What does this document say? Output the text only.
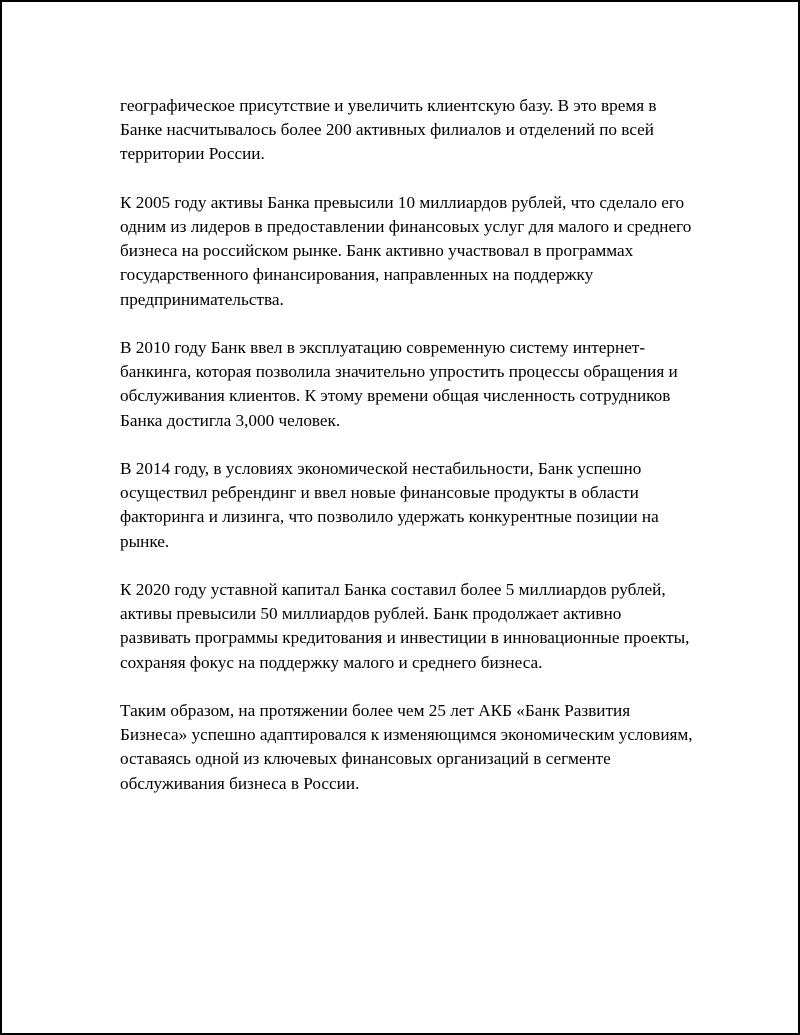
географическое присутствие и увеличить клиентскую базу. В это время в Банке насчитывалось более 200 активных филиалов и отделений по всей территории России.

К 2005 году активы Банка превысили 10 миллиардов рублей, что сделало его одним из лидеров в предоставлении финансовых услуг для малого и среднего бизнеса на российском рынке. Банк активно участвовал в программах государственного финансирования, направленных на поддержку предпринимательства.

В 2010 году Банк ввел в эксплуатацию современную систему интернет-банкинга, которая позволила значительно упростить процессы обращения и обслуживания клиентов. К этому времени общая численность сотрудников Банка достигла 3,000 человек.

В 2014 году, в условиях экономической нестабильности, Банк успешно осуществил ребрендинг и ввел новые финансовые продукты в области факторинга и лизинга, что позволило удержать конкурентные позиции на рынке.

К 2020 году уставной капитал Банка составил более 5 миллиардов рублей, активы превысили 50 миллиардов рублей. Банк продолжает активно развивать программы кредитования и инвестиции в инновационные проекты, сохраняя фокус на поддержку малого и среднего бизнеса.

Таким образом, на протяжении более чем 25 лет АКБ «Банк Развития Бизнеса» успешно адаптировался к изменяющимся экономическим условиям, оставаясь одной из ключевых финансовых организаций в сегменте обслуживания бизнеса в России.
